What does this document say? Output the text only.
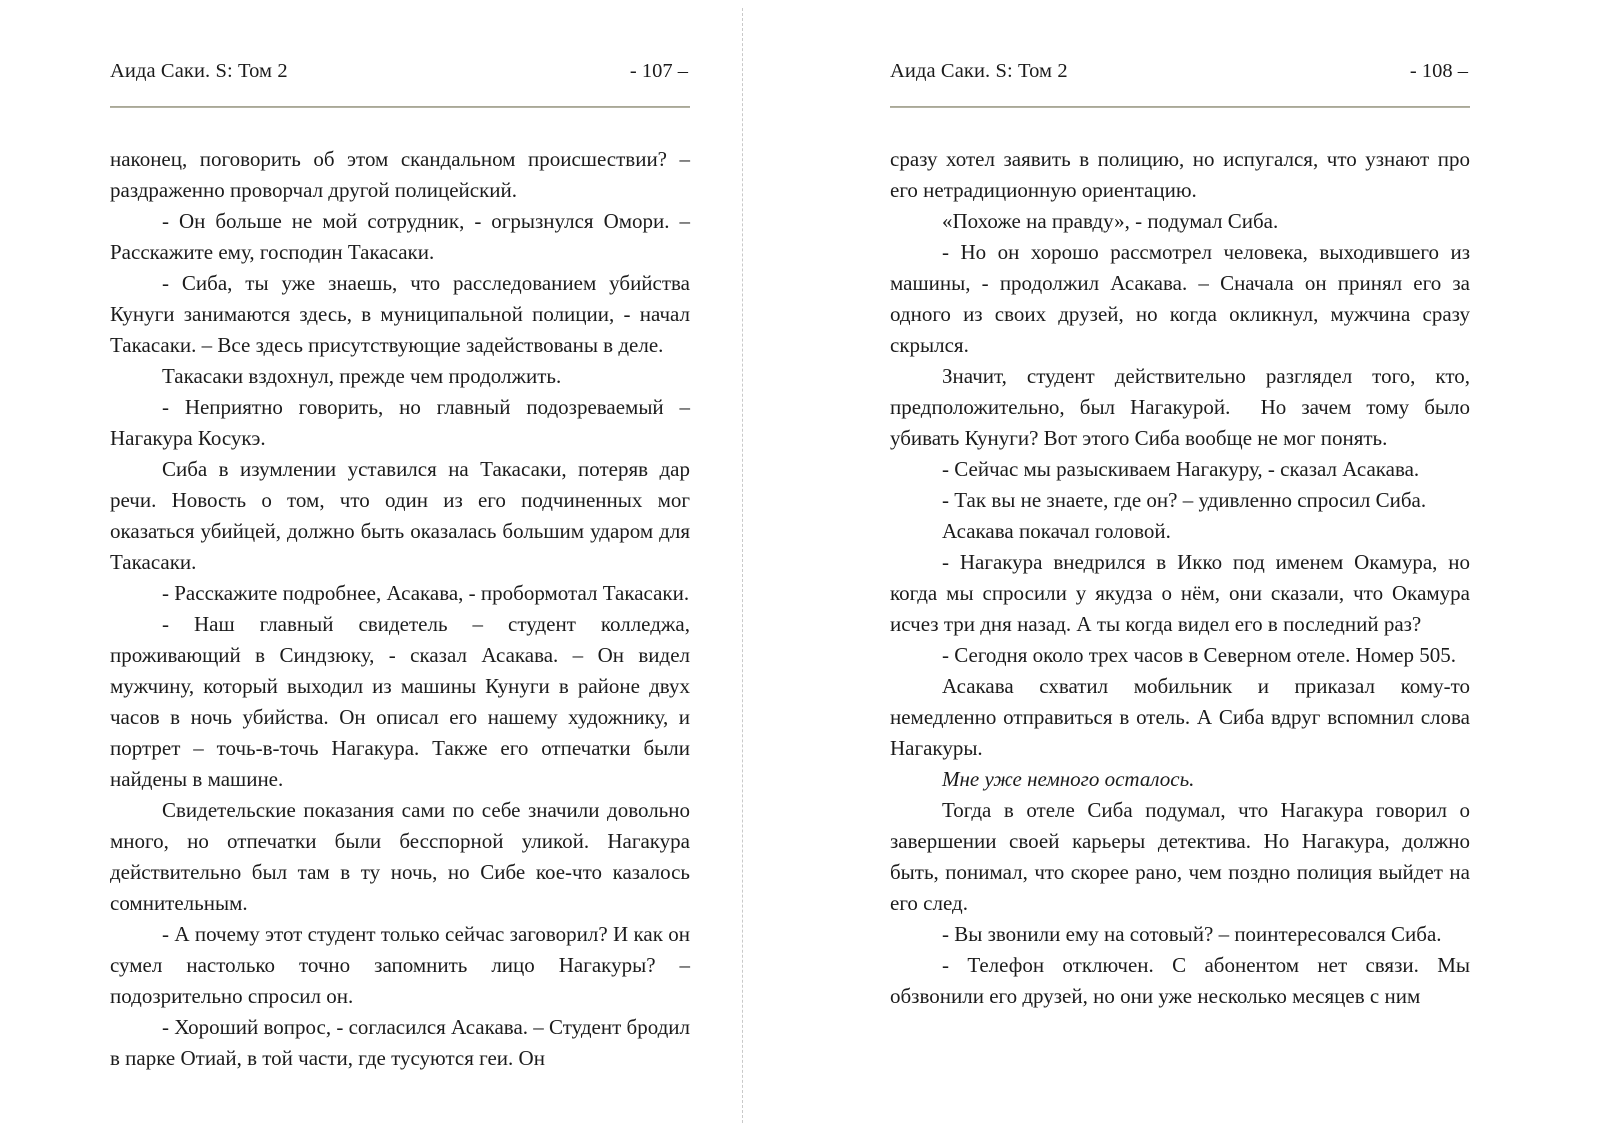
Аида Саки. S: Том 2	- 107 –

наконец, поговорить об этом скандальном происшествии? – раздраженно проворчал другой полицейский.

- Он больше не мой сотрудник, - огрызнулся Омори. – Расскажите ему, господин Такасаки.

- Сиба, ты уже знаешь, что расследованием убийства Кунуги занимаются здесь, в муниципальной полиции, - начал Такасаки. – Все здесь присутствующие задействованы в деле.

Такасаки вздохнул, прежде чем продолжить.

- Неприятно говорить, но главный подозреваемый – Нагакура Косукэ.

Сиба в изумлении уставился на Такасаки, потеряв дар речи. Новость о том, что один из его подчиненных мог оказаться убийцей, должно быть оказалась большим ударом для Такасаки.

- Расскажите подробнее, Асакава, - пробормотал Такасаки.

- Наш главный свидетель – студент колледжа, проживающий в Синдзюку, - сказал Асакава. – Он видел мужчину, который выходил из машины Кунуги в районе двух часов в ночь убийства. Он описал его нашему художнику, и портрет – точь-в-точь Нагакура. Также его отпечатки были найдены в машине.

Свидетельские показания сами по себе значили довольно много, но отпечатки были бесспорной уликой. Нагакура действительно был там в ту ночь, но Сибе кое-что казалось сомнительным.

- А почему этот студент только сейчас заговорил? И как он сумел настолько точно запомнить лицо Нагакуры? – подозрительно спросил он.

- Хороший вопрос, - согласился Асакава. – Студент бродил в парке Отиай, в той части, где тусуются геи. Он

Аида Саки. S: Том 2	- 108 –

сразу хотел заявить в полицию, но испугался, что узнают про его нетрадиционную ориентацию.

«Похоже на правду», - подумал Сиба.

- Но он хорошо рассмотрел человека, выходившего из машины, - продолжил Асакава. – Сначала он принял его за одного из своих друзей, но когда окликнул, мужчина сразу скрылся.

Значит, студент действительно разглядел того, кто, предположительно, был Нагакурой.  Но зачем тому было убивать Кунуги? Вот этого Сиба вообще не мог понять.

- Сейчас мы разыскиваем Нагакуру, - сказал Асакава.

- Так вы не знаете, где он? – удивленно спросил Сиба.

Асакава покачал головой.

- Нагакура внедрился в Икко под именем Окамура, но когда мы спросили у якудза о нём, они сказали, что Окамура исчез три дня назад. А ты когда видел его в последний раз?

- Сегодня около трех часов в Северном отеле. Номер 505.

Асакава схватил мобильник и приказал кому-то немедленно отправиться в отель. А Сиба вдруг вспомнил слова Нагакуры.

Мне уже немного осталось.

Тогда в отеле Сиба подумал, что Нагакура говорил о завершении своей карьеры детектива. Но Нагакура, должно быть, понимал, что скорее рано, чем поздно полиция выйдет на его след.

- Вы звонили ему на сотовый? – поинтересовался Сиба.

- Телефон отключен. С абонентом нет связи. Мы обзвонили его друзей, но они уже несколько месяцев с ним
